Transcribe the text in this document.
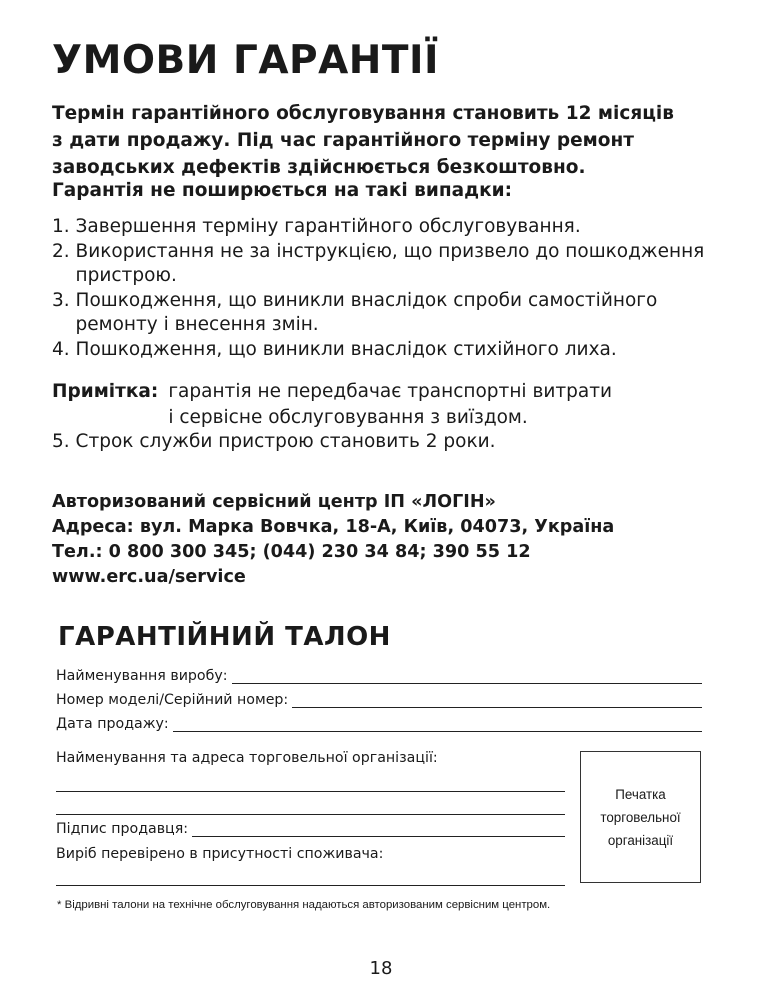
УМОВИ ГАРАНТІЇ
Термін гарантійного обслуговування становить 12 місяців
з дати продажу. Під час гарантійного терміну ремонт
заводських дефектів здійснюється безкоштовно.
Гарантія не поширюється на такі випадки:
1. Завершення терміну гарантійного обслуговування.
2. Використання не за інструкцією, що призвело до пошкодження
пристрою.
3. Пошкодження, що виникли внаслідок спроби самостійного
ремонту і внесення змін.
4. Пошкодження, що виникли внаслідок стихійного лиха.
Примітка: гарантія не передбачає транспортні витрати
і сервісне обслуговування з виїздом.
5. Строк служби пристрою становить 2 роки.
Авторизований сервісний центр ІП «ЛОГІН»
Адреса: вул. Марка Вовчка, 18-А, Київ, 04073, Україна
Тел.: 0 800 300 345; (044) 230 34 84; 390 55 12
www.erc.ua/service
ГАРАНТІЙНИЙ ТАЛОН
Найменування виробу:
Номер моделі/Серійний номер:
Дата продажу:
Найменування та адреса торговельної організації:
Підпис продавця:
Виріб перевірено в присутності споживача:
Печатка
торговельної
організації
* Відривні талони на технічне обслуговування надаються авторизованим сервісним центром.
18
